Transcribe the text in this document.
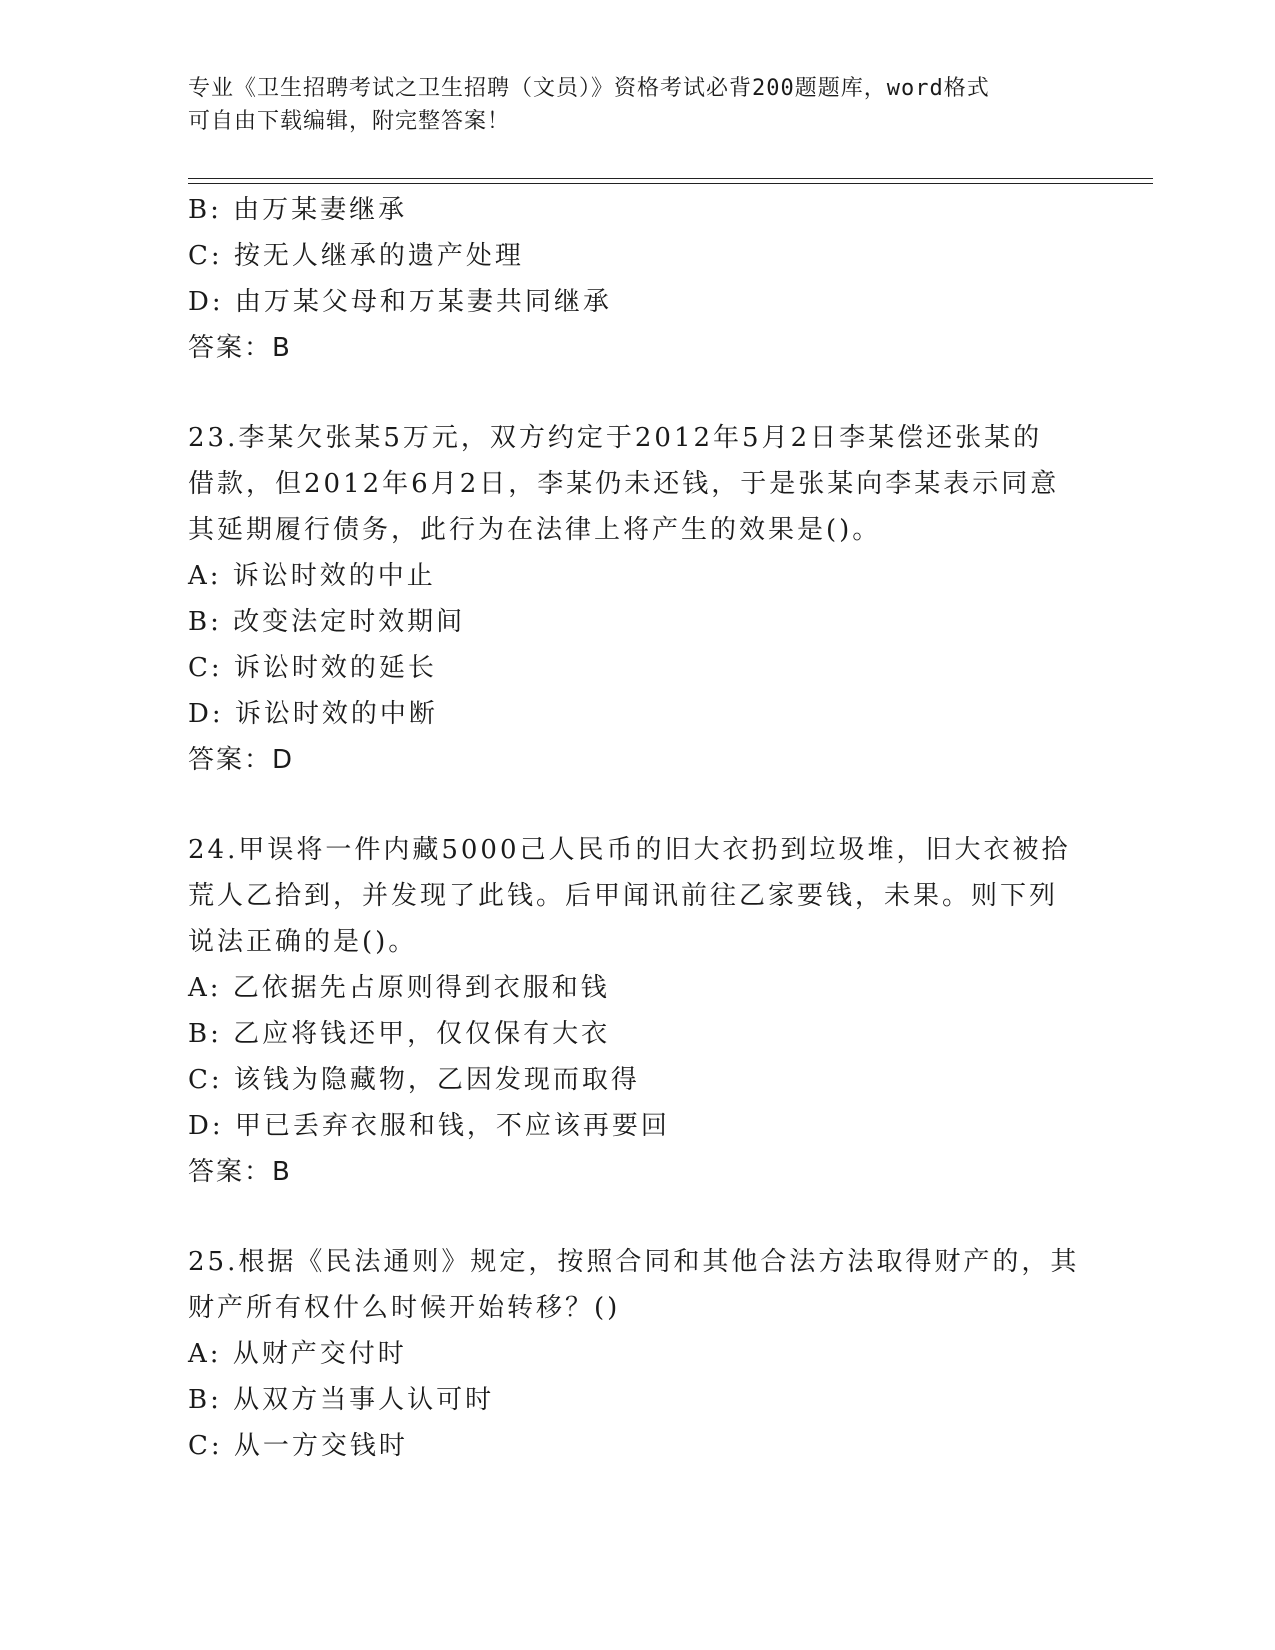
专业《卫生招聘考试之卫生招聘（文员）》资格考试必背200题题库，word格式
可自由下载编辑，附完整答案！
B: 由万某妻继承
C: 按无人继承的遗产处理
D: 由万某父母和万某妻共同继承
答案：B
23.李某欠张某5万元，双方约定于2012年5月2日李某偿还张某的
借款，但2012年6月2日，李某仍未还钱，于是张某向李某表示同意
其延期履行债务，此行为在法律上将产生的效果是()。
A: 诉讼时效的中止
B: 改变法定时效期间
C: 诉讼时效的延长
D: 诉讼时效的中断
答案：D
24.甲误将一件内藏5000己人民币的旧大衣扔到垃圾堆，旧大衣被拾
荒人乙拾到，并发现了此钱。后甲闻讯前往乙家要钱，未果。则下列
说法正确的是()。
A: 乙依据先占原则得到衣服和钱
B: 乙应将钱还甲，仅仅保有大衣
C: 该钱为隐藏物，乙因发现而取得
D: 甲已丢弃衣服和钱，不应该再要回
答案：B
25.根据《民法通则》规定，按照合同和其他合法方法取得财产的，其
财产所有权什么时候开始转移？()
A: 从财产交付时
B: 从双方当事人认可时
C: 从一方交钱时
